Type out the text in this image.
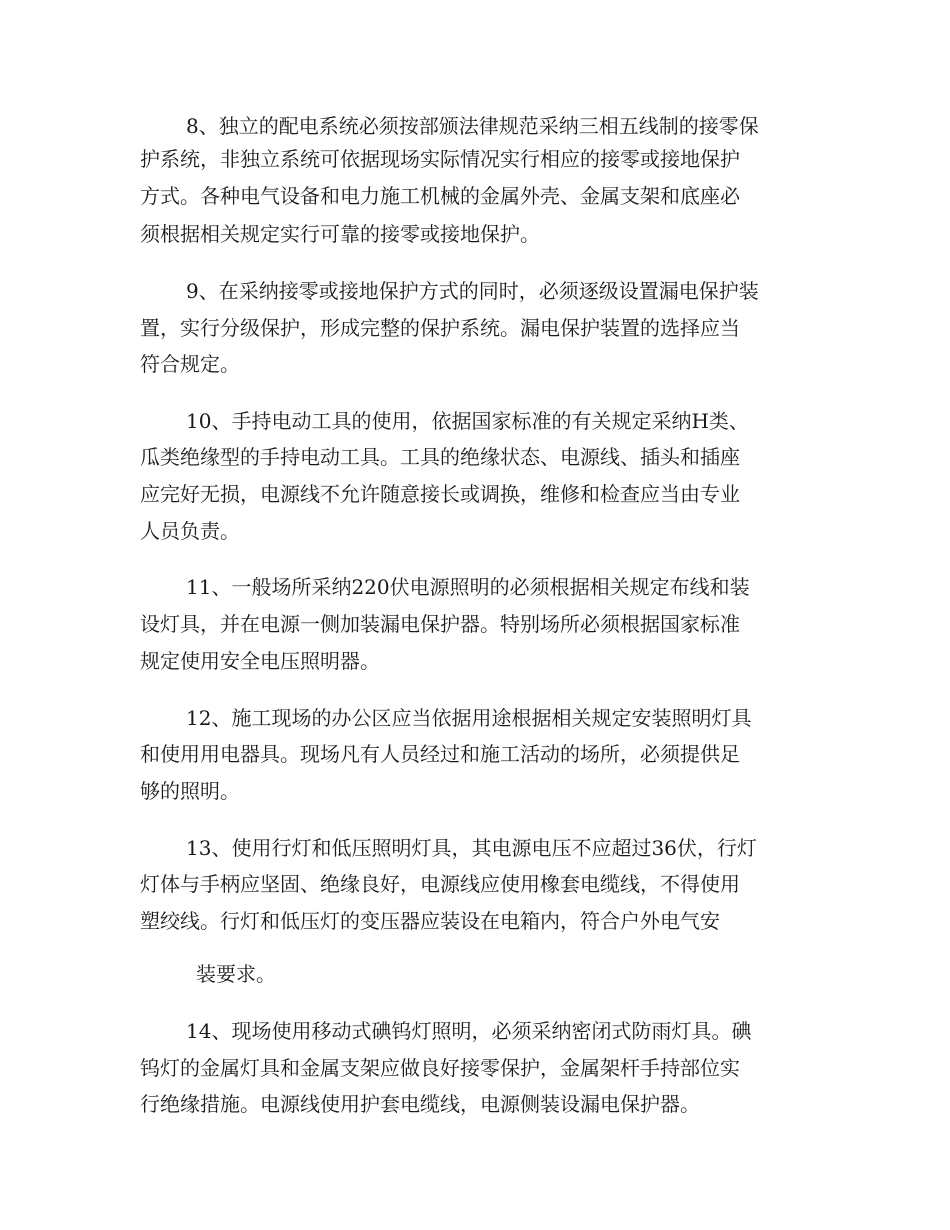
8、独立的配电系统必须按部颁法律规范采纳三相五线制的接零保
护系统，非独立系统可依据现场实际情况实行相应的接零或接地保护
方式。各种电气设备和电力施工机械的金属外壳、金属支架和底座必
须根据相关规定实行可靠的接零或接地保护。
9、在采纳接零或接地保护方式的同时，必须逐级设置漏电保护装
置，实行分级保护，形成完整的保护系统。漏电保护装置的选择应当
符合规定。
10、手持电动工具的使用，依据国家标准的有关规定采纳H类、
瓜类绝缘型的手持电动工具。工具的绝缘状态、电源线、插头和插座
应完好无损，电源线不允许随意接长或调换，维修和检查应当由专业
人员负责。
11、一般场所采纳220伏电源照明的必须根据相关规定布线和装
设灯具，并在电源一侧加装漏电保护器。特别场所必须根据国家标准
规定使用安全电压照明器。
12、施工现场的办公区应当依据用途根据相关规定安装照明灯具
和使用用电器具。现场凡有人员经过和施工活动的场所，必须提供足
够的照明。
13、使用行灯和低压照明灯具，其电源电压不应超过36伏，行灯
灯体与手柄应坚固、绝缘良好，电源线应使用橡套电缆线，不得使用
塑绞线。行灯和低压灯的变压器应装设在电箱内，符合户外电气安
装要求。
14、现场使用移动式碘钨灯照明，必须采纳密闭式防雨灯具。碘
钨灯的金属灯具和金属支架应做良好接零保护，金属架杆手持部位实
行绝缘措施。电源线使用护套电缆线，电源侧装设漏电保护器。
